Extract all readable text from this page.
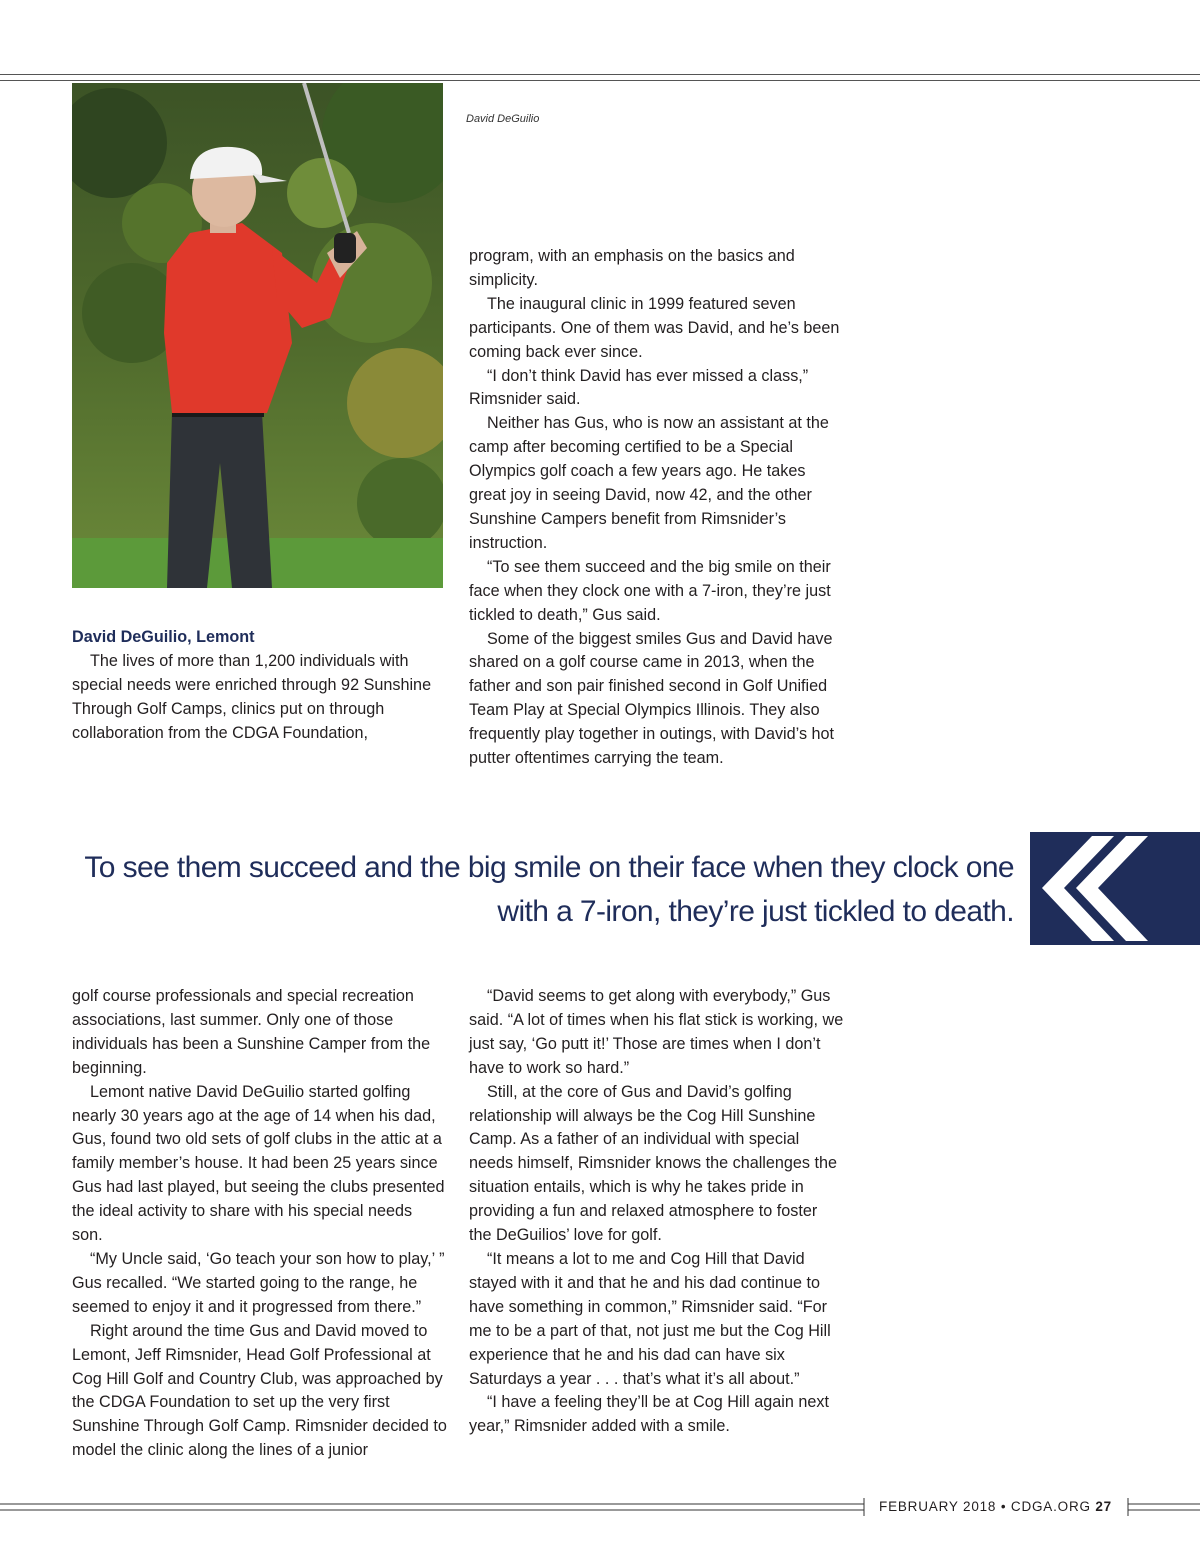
David DeGuilio

David DeGuilio, Lemont

The lives of more than 1,200 individuals with special needs were enriched through 92 Sunshine Through Golf Camps, clinics put on through collaboration from the CDGA Foundation,

program, with an emphasis on the basics and simplicity.

The inaugural clinic in 1999 featured seven participants. One of them was David, and he’s been coming back ever since.

“I don’t think David has ever missed a class,” Rimsnider said.

Neither has Gus, who is now an assistant at the camp after becoming certified to be a Special Olympics golf coach a few years ago. He takes great joy in seeing David, now 42, and the other Sunshine Campers benefit from Rimsnider’s instruction.

“To see them succeed and the big smile on their face when they clock one with a 7-iron, they’re just tickled to death,” Gus said.

Some of the biggest smiles Gus and David have shared on a golf course came in 2013, when the father and son pair finished second in Golf Unified Team Play at Special Olympics Illinois. They also frequently play together in outings, with David’s hot putter oftentimes carrying the team.

To see them succeed and the big smile on their face when they clock one
with a 7-iron, they’re just tickled to death.

golf course professionals and special recreation associations, last summer. Only one of those individuals has been a Sunshine Camper from the beginning.

Lemont native David DeGuilio started golfing nearly 30 years ago at the age of 14 when his dad, Gus, found two old sets of golf clubs in the attic at a family member’s house. It had been 25 years since Gus had last played, but seeing the clubs presented the ideal activity to share with his special needs son.

“My Uncle said, ‘Go teach your son how to play,’ ” Gus recalled. “We started going to the range, he seemed to enjoy it and it progressed from there.”

Right around the time Gus and David moved to Lemont, Jeff Rimsnider, Head Golf Professional at Cog Hill Golf and Country Club, was approached by the CDGA Foundation to set up the very first Sunshine Through Golf Camp. Rimsnider decided to model the clinic along the lines of a junior

“David seems to get along with everybody,” Gus said. “A lot of times when his flat stick is working, we just say, ‘Go putt it!’ Those are times when I don’t have to work so hard.”

Still, at the core of Gus and David’s golfing relationship will always be the Cog Hill Sunshine Camp. As a father of an individual with special needs himself, Rimsnider knows the challenges the situation entails, which is why he takes pride in providing a fun and relaxed atmosphere to foster the DeGuilios’ love for golf.

“It means a lot to me and Cog Hill that David stayed with it and that he and his dad continue to have something in common,” Rimsnider said. “For me to be a part of that, not just me but the Cog Hill experience that he and his dad can have six Saturdays a year . . . that’s what it’s all about.”

“I have a feeling they’ll be at Cog Hill again next year,” Rimsnider added with a smile.

FEBRUARY 2018 • CDGA.ORG 27
